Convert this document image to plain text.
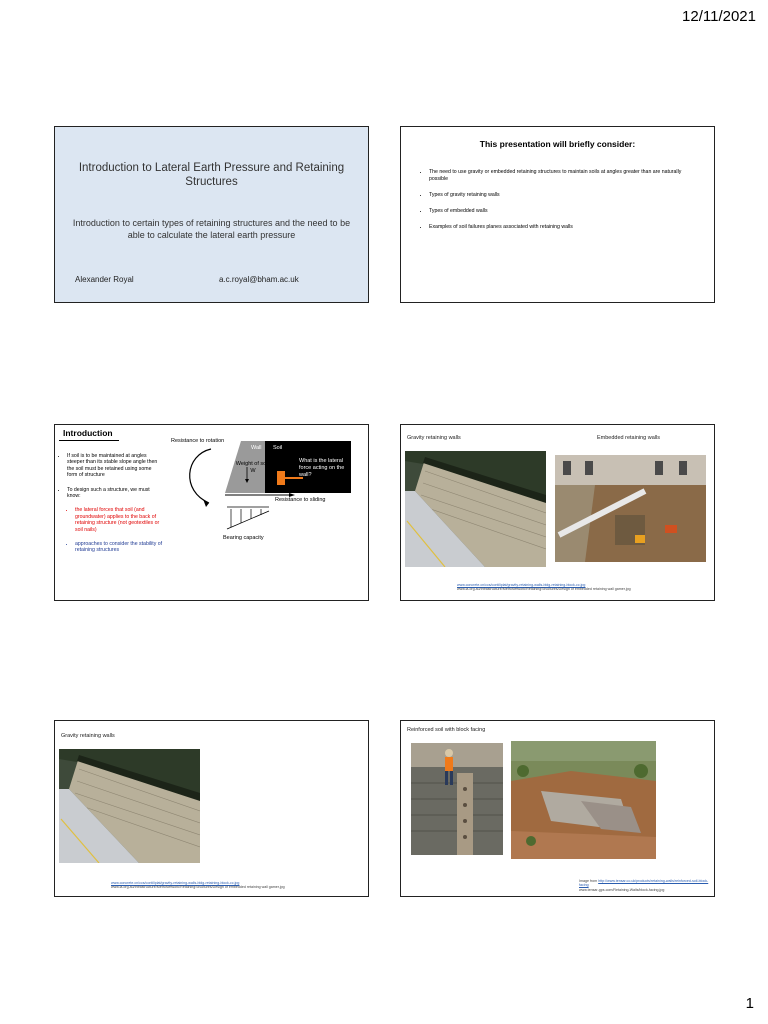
12/11/2021
Introduction to Lateral Earth Pressure and Retaining Structures
Introduction to certain types of retaining structures and the need to be able to calculate the lateral earth pressure
Alexander Royal	a.c.royal@bham.ac.uk
This presentation will briefly consider:
• The need to use gravity or embedded retaining structures to maintain soils at angles greater than are naturally possible
• Types of gravity retaining walls
• Types of embedded walls
• Examples of soil failures planes associated with retaining walls
Introduction
• If soil is to be maintained at angles steeper than its stable slope angle then the soil must be retained using some form of structure
• To design such a structure, we must know:
• the lateral forces that soil (and groundwater) applies to the back of retaining structure (not geotextiles or soil nails)
• approaches to consider the stability of retaining structures
Resistance to rotation
Wall Soil
Weight of soil, W
What is the lateral force acting on the wall?
Resistance to sliding
Bearing capacity
Gravity retaining walls	Embedded retaining walls
www.concrete.cn/ccs/contiliplat/gravity-retaining-walls-bldg-retaining-block-cc.jpg
www.la.org.au/Infrastructure/MetroNetwork/RetainingStructures/Design of embedded retaining wall gamer.jpg
Gravity retaining walls
www.concrete.cn/ccs/contiliplat/gravity-retaining-walls-bldg-retaining-block-cc.jpg
www.la.org.au/Infrastructure/MetroNetwork/RetainingStructures/Design of embedded retaining wall gamer.jpg
Reinforced soil with block facing
Image from http://www.tensar.co.uk/products/retaining-walls/reinforced-soil-block-facing
www.tensar-gps.com/Retaining-Walls/block-facing.jpg
1
